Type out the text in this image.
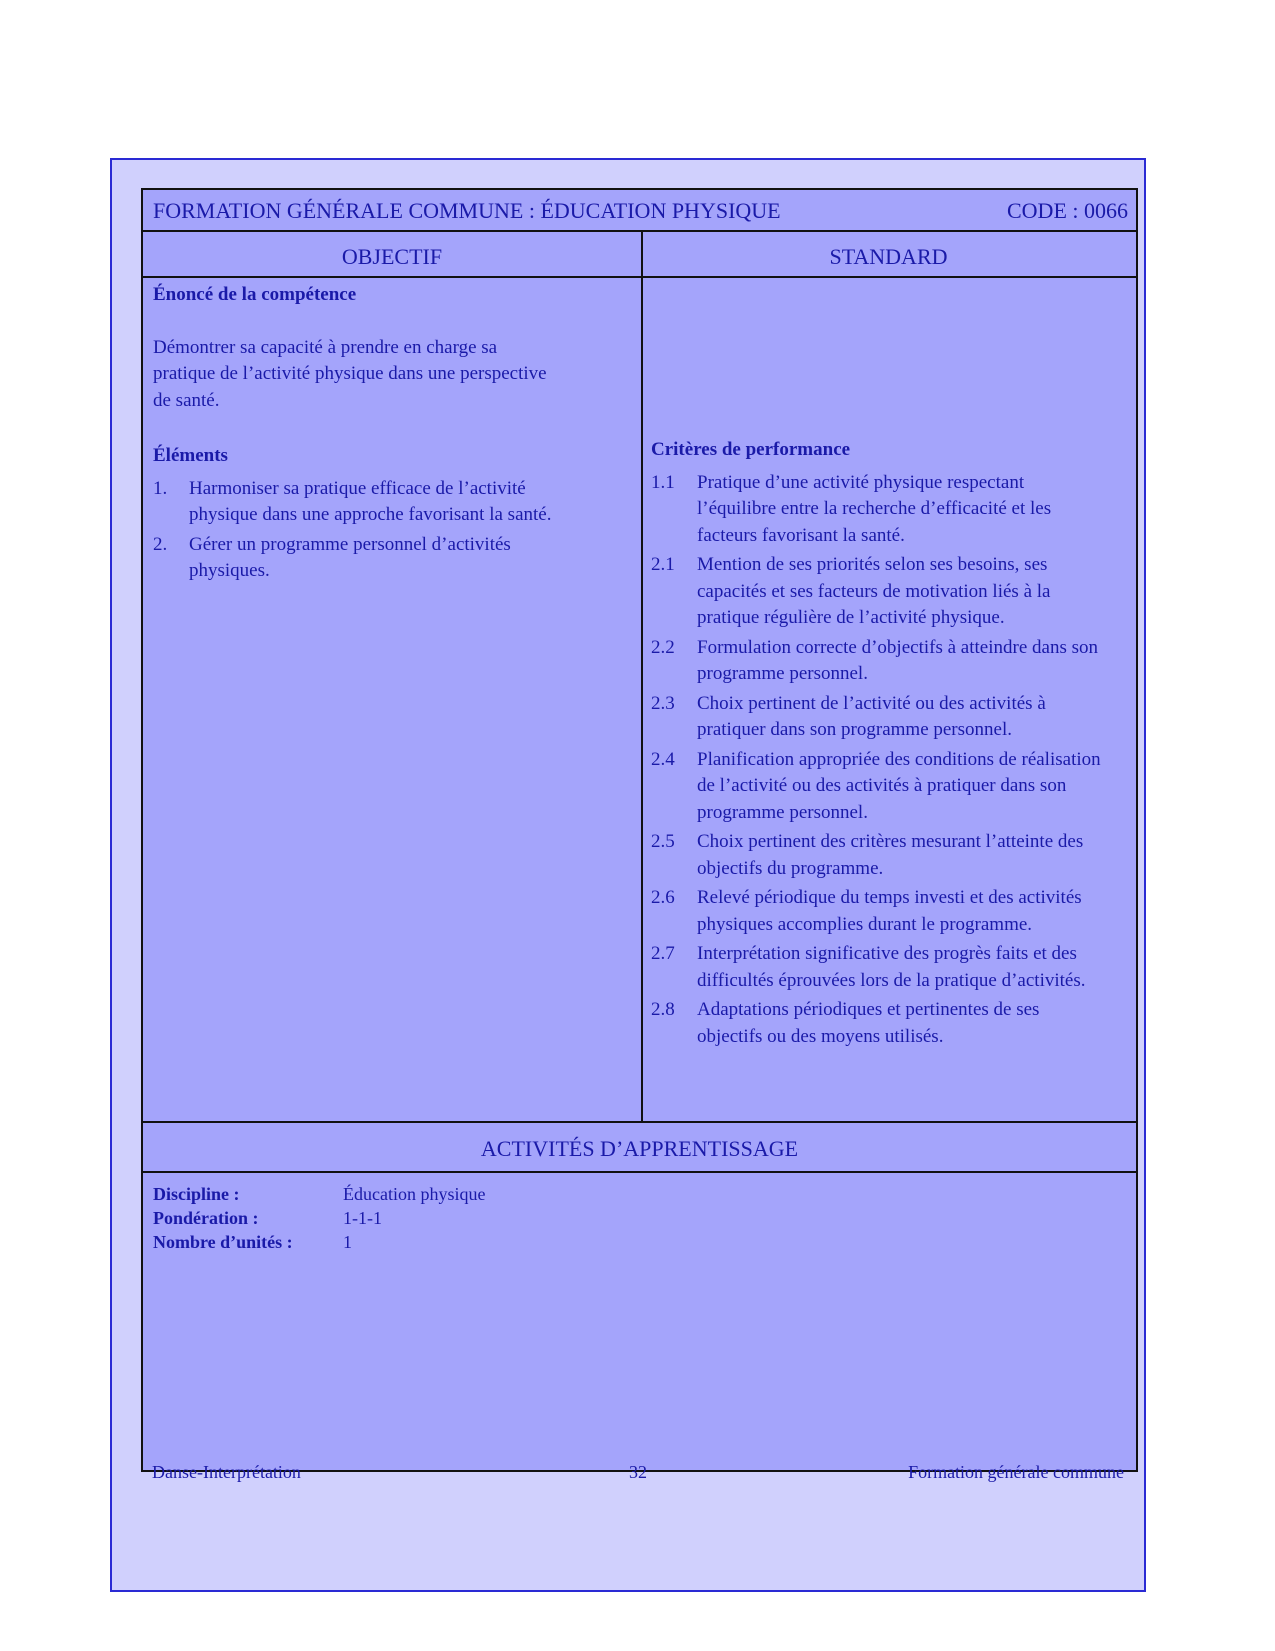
FORMATION GÉNÉRALE COMMUNE : ÉDUCATION PHYSIQUE	CODE : 0066
OBJECTIF	STANDARD
Énoncé de la compétence
Démontrer sa capacité à prendre en charge sa pratique de l’activité physique dans une perspective de santé.
Éléments
1. Harmoniser sa pratique efficace de l’activité physique dans une approche favorisant la santé.
2. Gérer un programme personnel d’activités physiques.
Critères de performance
1.1 Pratique d’une activité physique respectant l’équilibre entre la recherche d’efficacité et les facteurs favorisant la santé.
2.1 Mention de ses priorités selon ses besoins, ses capacités et ses facteurs de motivation liés à la pratique régulière de l’activité physique.
2.2 Formulation correcte d’objectifs à atteindre dans son programme personnel.
2.3 Choix pertinent de l’activité ou des activités à pratiquer dans son programme personnel.
2.4 Planification appropriée des conditions de réalisation de l’activité ou des activités à pratiquer dans son programme personnel.
2.5 Choix pertinent des critères mesurant l’atteinte des objectifs du programme.
2.6 Relevé périodique du temps investi et des activités physiques accomplies durant le programme.
2.7 Interprétation significative des progrès faits et des difficultés éprouvées lors de la pratique d’activités.
2.8 Adaptations périodiques et pertinentes de ses objectifs ou des moyens utilisés.
ACTIVITÉS D’APPRENTISSAGE
Discipline :	Éducation physique
Pondération :	1-1-1
Nombre d’unités :	1
Danse-Interprétation	32	Formation générale commune
